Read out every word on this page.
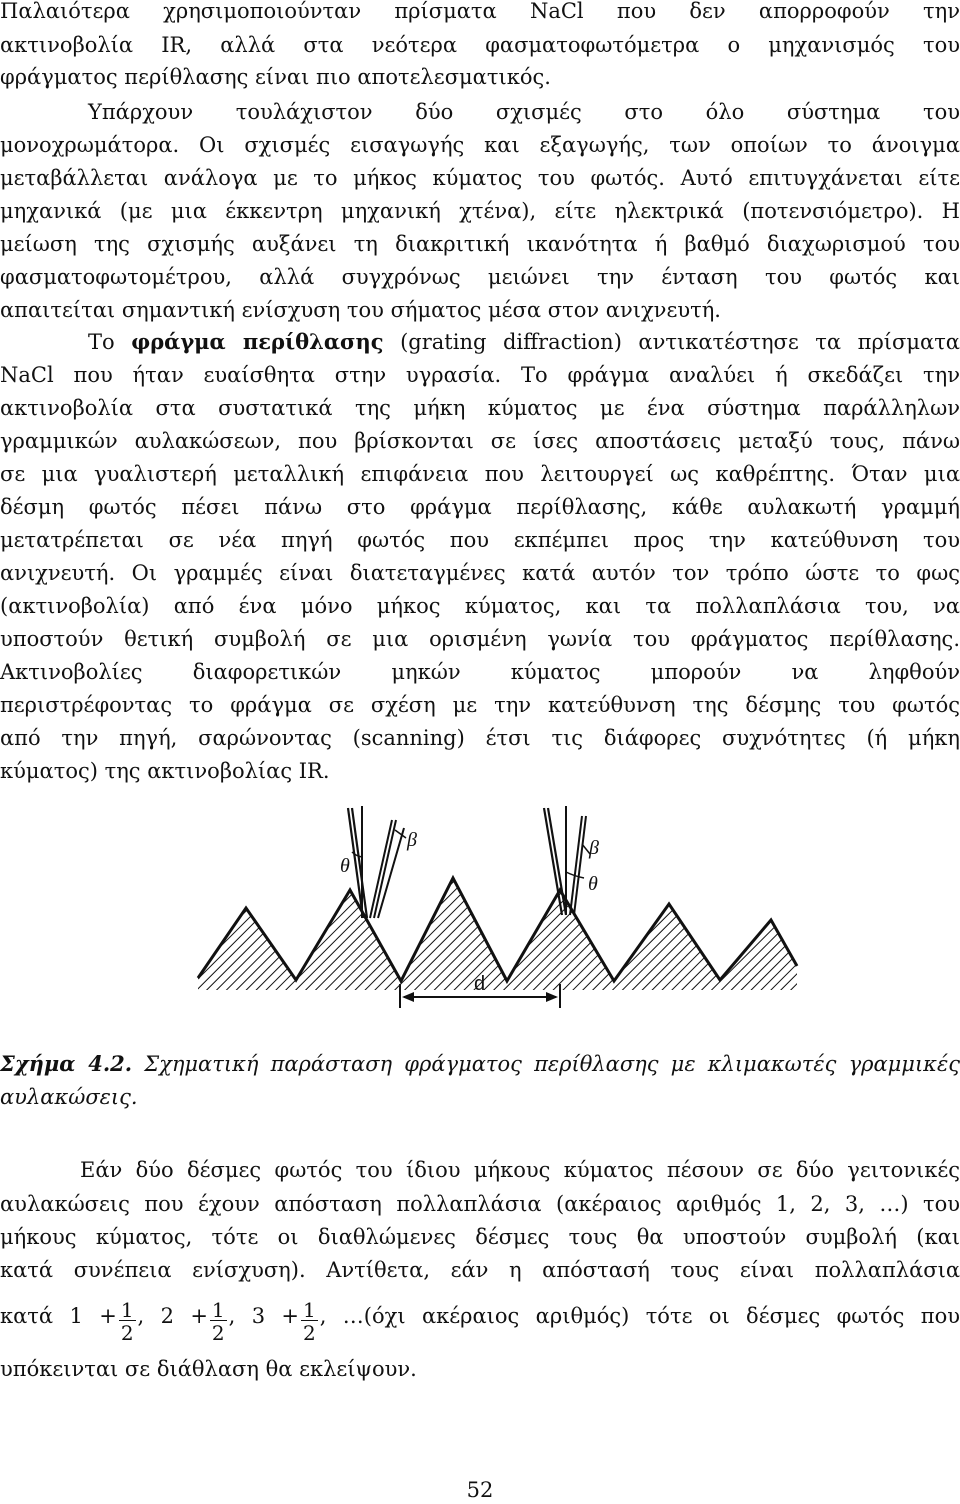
Παλαιότερα χρησιμοποιούνταν πρίσματα NaCl που δεν απορροφούν την
ακτινοβολία IR, αλλά στα νεότερα φασματοφωτόμετρα ο μηχανισμός του
φράγματος περίθλασης είναι πιο αποτελεσματικός.
Υπάρχουν τουλάχιστον δύο σχισμές στο όλο σύστημα του
μονοχρωμάτορα. Οι σχισμές εισαγωγής και εξαγωγής, των οποίων το άνοιγμα
μεταβάλλεται ανάλογα με το μήκος κύματος του φωτός. Αυτό επιτυγχάνεται είτε
μηχανικά (με μια έκκεντρη μηχανική χτένα), είτε ηλεκτρικά (ποτενσιόμετρο). Η
μείωση της σχισμής αυξάνει τη διακριτική ικανότητα ή βαθμό διαχωρισμού του
φασματοφωτομέτρου, αλλά συγχρόνως μειώνει την ένταση του φωτός και
απαιτείται σημαντική ενίσχυση του σήματος μέσα στον ανιχνευτή.
Το φράγμα περίθλασης (grating diffraction) αντικατέστησε τα πρίσματα
NaCl που ήταν ευαίσθητα στην υγρασία. Το φράγμα αναλύει ή σκεδάζει την
ακτινοβολία στα συστατικά της μήκη κύματος με ένα σύστημα παράλληλων
γραμμικών αυλακώσεων, που βρίσκονται σε ίσες αποστάσεις μεταξύ τους, πάνω
σε μια γυαλιστερή μεταλλική επιφάνεια που λειτουργεί ως καθρέπτης. Όταν μια
δέσμη φωτός πέσει πάνω στο φράγμα περίθλασης, κάθε αυλακωτή γραμμή
μετατρέπεται σε νέα πηγή φωτός που εκπέμπει προς την κατεύθυνση του
ανιχνευτή. Οι γραμμές είναι διατεταγμένες κατά αυτόν τον τρόπο ώστε το φως
(ακτινοβολία) από ένα μόνο μήκος κύματος, και τα πολλαπλάσια του, να
υποστούν θετική συμβολή σε μια ορισμένη γωνία του φράγματος περίθλασης.
Ακτινοβολίες διαφορετικών μηκών κύματος μπορούν να ληφθούν
περιστρέφοντας το φράγμα σε σχέση με την κατεύθυνση της δέσμης του φωτός
από την πηγή, σαρώνοντας (scanning) έτσι τις διάφορες συχνότητες (ή μήκη
κύματος) της ακτινοβολίας IR.
θ
β	β
θ
d
Σχήμα 4.2. Σχηματική παράσταση φράγματος περίθλασης με κλιμακωτές γραμμικές
αυλακώσεις.
Εάν δύο δέσμες φωτός του ίδιου μήκους κύματος πέσουν σε δύο γειτονικές
αυλακώσεις που έχουν απόσταση πολλαπλάσια (ακέραιος αριθμός 1, 2, 3, …) του
μήκους κύματος, τότε οι διαθλώμενες δέσμες τους θα υποστούν συμβολή (και
κατά συνέπεια ενίσχυση). Αντίθετα, εάν η απόστασή τους είναι πολλαπλάσια
κατά $1 + \frac{1}{2}$ , $2 + \frac{1}{2}$ , $3 + \frac{1}{2}$ , …(όχι ακέραιος αριθμός) τότε οι δέσμες φωτός που
υπόκεινται σε διάθλαση θα εκλείψουν.
52
